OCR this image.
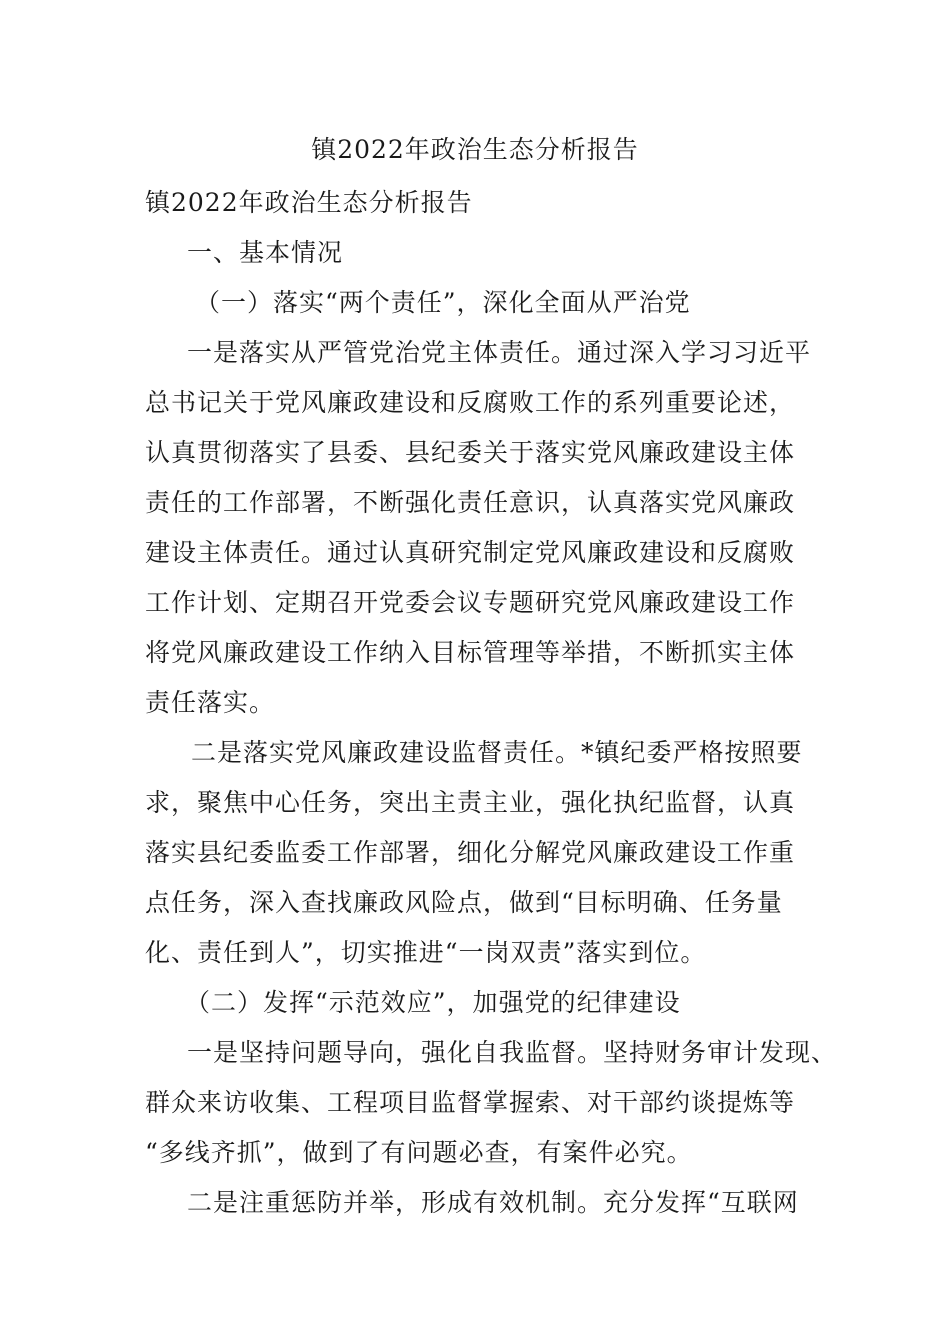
镇2022年政治生态分析报告
镇2022年政治生态分析报告
一、基本情况
（一）落实“两个责任”，深化全面从严治党
一是落实从严管党治党主体责任。通过深入学习习近平
总书记关于党风廉政建设和反腐败工作的系列重要论述，
认真贯彻落实了县委、县纪委关于落实党风廉政建设主体
责任的工作部署，不断强化责任意识，认真落实党风廉政
建设主体责任。通过认真研究制定党风廉政建设和反腐败
工作计划、定期召开党委会议专题研究党风廉政建设工作
将党风廉政建设工作纳入目标管理等举措，不断抓实主体
责任落实。
二是落实党风廉政建设监督责任。*镇纪委严格按照要
求，聚焦中心任务，突出主责主业，强化执纪监督，认真
落实县纪委监委工作部署，细化分解党风廉政建设工作重
点任务，深入查找廉政风险点，做到“目标明确、任务量
化、责任到人”，切实推进“一岗双责”落实到位。
（二）发挥“示范效应”，加强党的纪律建设
一是坚持问题导向，强化自我监督。坚持财务审计发现、
群众来访收集、工程项目监督掌握索、对干部约谈提炼等
“多线齐抓”，做到了有问题必查，有案件必究。
二是注重惩防并举，形成有效机制。充分发挥“互联网
